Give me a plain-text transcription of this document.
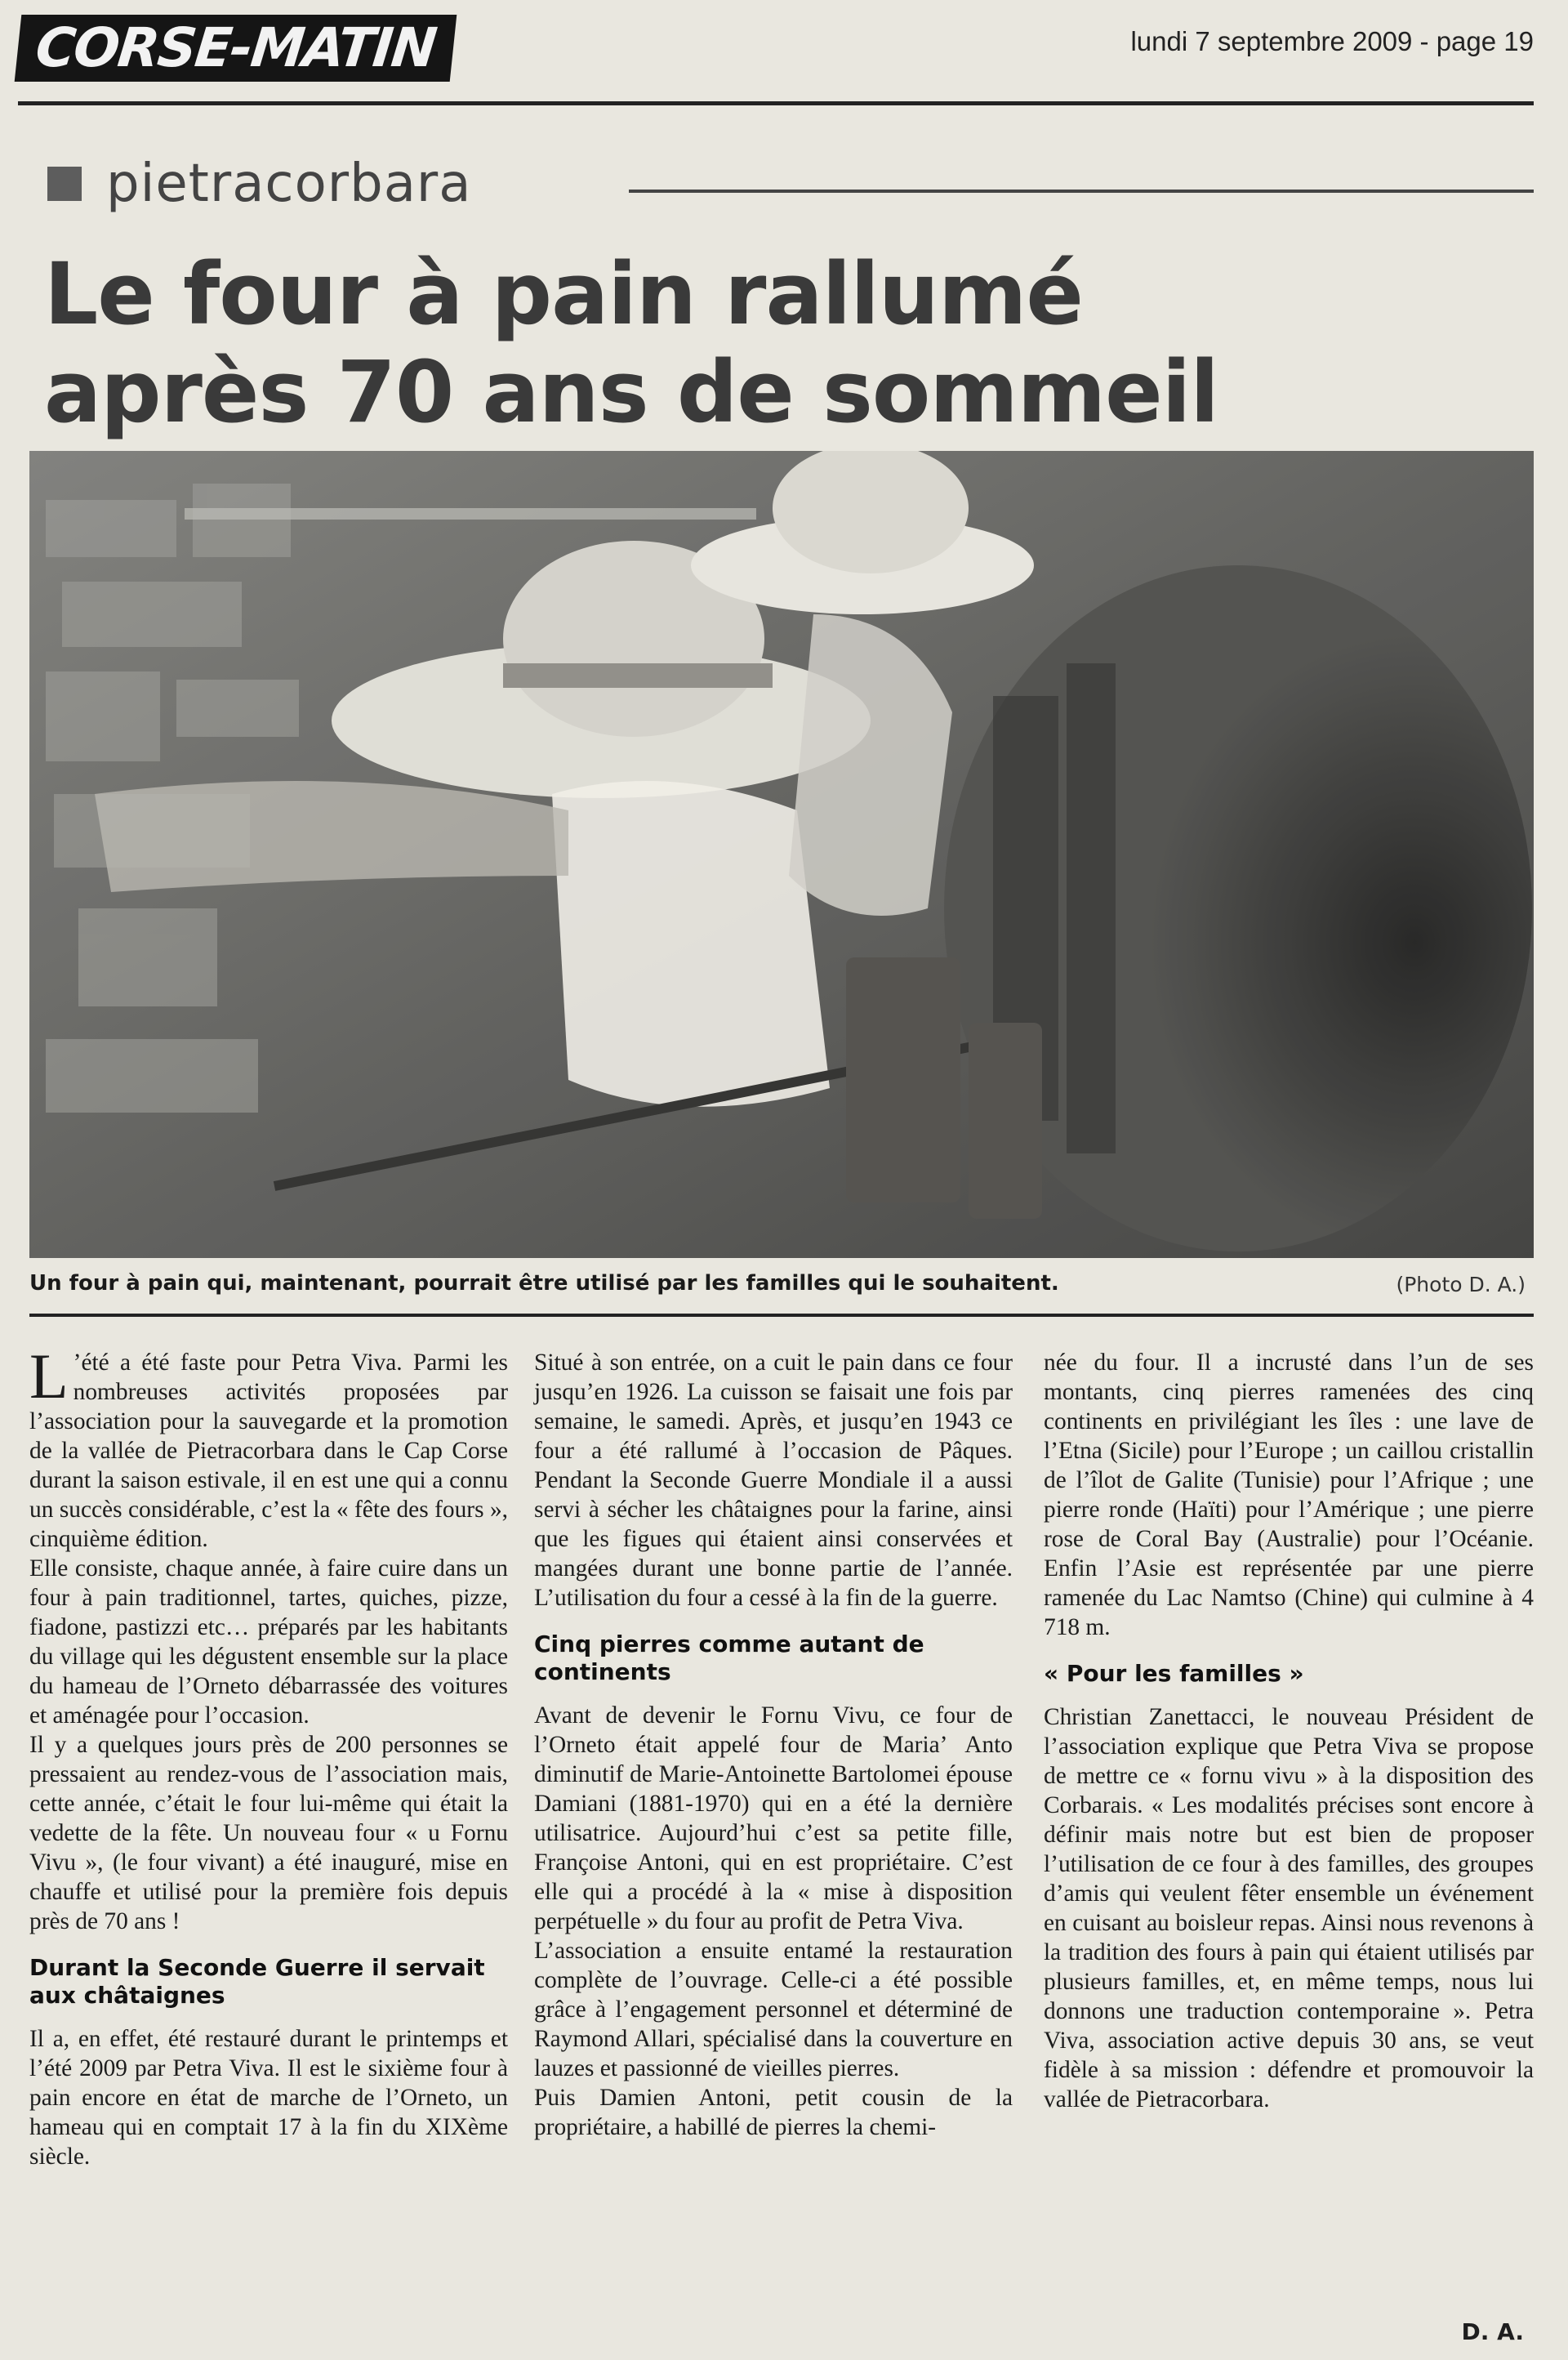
CORSE-MATIN	lundi 7 septembre 2009 - page 19
pietracorbara
Le four à pain rallumé
après 70 ans de sommeil
Un four à pain qui, maintenant, pourrait être utilisé par les familles qui le souhaitent.	(Photo D. A.)

L ’été a été faste pour Petra Viva. Parmi les nombreuses activités proposées par l’association pour la sauvegarde et la promotion de la vallée de Pietracorbara dans le Cap Corse durant la saison estivale, il en est une qui a connu un succès considérable, c’est la « fête des fours », cinquième édition.

Elle consiste, chaque année, à faire cuire dans un four à pain traditionnel, tartes, quiches, pizze, fiadone, pastizzi etc… préparés par les habitants du village qui les dégustent ensemble sur la place du hameau de l’Orneto débarrassée des voitures et aménagée pour l’occasion.

Il y a quelques jours près de 200 personnes se pressaient au rendez-vous de l’association mais, cette année, c’était le four lui-même qui était la vedette de la fête. Un nouveau four « u Fornu Vivu », (le four vivant) a été inauguré, mise en chauffe et utilisé pour la première fois depuis près de 70 ans !

Durant la Seconde Guerre il servait aux châtaignes

Il a, en effet, été restauré durant le printemps et l’été 2009 par Petra Viva. Il est le sixième four à pain encore en état de marche de l’Orneto, un hameau qui en comptait 17 à la fin du XIXème siècle.

Situé à son entrée, on a cuit le pain dans ce four jusqu’en 1926. La cuisson se faisait une fois par semaine, le samedi. Après, et jusqu’en 1943 ce four a été rallumé à l’occasion de Pâques. Pendant la Seconde Guerre Mondiale il a aussi servi à sécher les châtaignes pour la farine, ainsi que les figues qui étaient ainsi conservées et mangées durant une bonne partie de l’année. L’utilisation du four a cessé à la fin de la guerre.

Cinq pierres comme autant de continents

Avant de devenir le Fornu Vivu, ce four de l’Orneto était appelé four de Maria’ Anto diminutif de Marie-Antoinette Bartolomei épouse Damiani (1881-1970) qui en a été la dernière utilisatrice. Aujourd’hui c’est sa petite fille, Françoise Antoni, qui en est propriétaire. C’est elle qui a procédé à la « mise à disposition perpétuelle » du four au profit de Petra Viva.

L’association a ensuite entamé la restauration complète de l’ouvrage. Celle-ci a été possible grâce à l’engagement personnel et déterminé de Raymond Allari, spécialisé dans la couverture en lauzes et passionné de vieilles pierres.

Puis Damien Antoni, petit cousin de la propriétaire, a habillé de pierres la chemi-

née du four. Il a incrusté dans l’un de ses montants, cinq pierres ramenées des cinq continents en privilégiant les îles : une lave de l’Etna (Sicile) pour l’Europe ; un caillou cristallin de l’îlot de Galite (Tunisie) pour l’Afrique ; une pierre ronde (Haïti) pour l’Amérique ; une pierre rose de Coral Bay (Australie) pour l’Océanie. Enfin l’Asie est représentée par une pierre ramenée du Lac Namtso (Chine) qui culmine à 4 718 m.

« Pour les familles »

Christian Zanettacci, le nouveau Président de l’association explique que Petra Viva se propose de mettre ce « fornu vivu » à la disposition des Corbarais. « Les modalités précises sont encore à définir mais notre but est bien de proposer l’utilisation de ce four à des familles, des groupes d’amis qui veulent fêter ensemble un événement en cuisant au boisleur repas. Ainsi nous revenons à la tradition des fours à pain qui étaient utilisés par plusieurs familles, et, en même temps, nous lui donnons une traduction contemporaine ». Petra Viva, association active depuis 30 ans, se veut fidèle à sa mission : défendre et promouvoir la vallée de Pietracorbara.

D. A.
